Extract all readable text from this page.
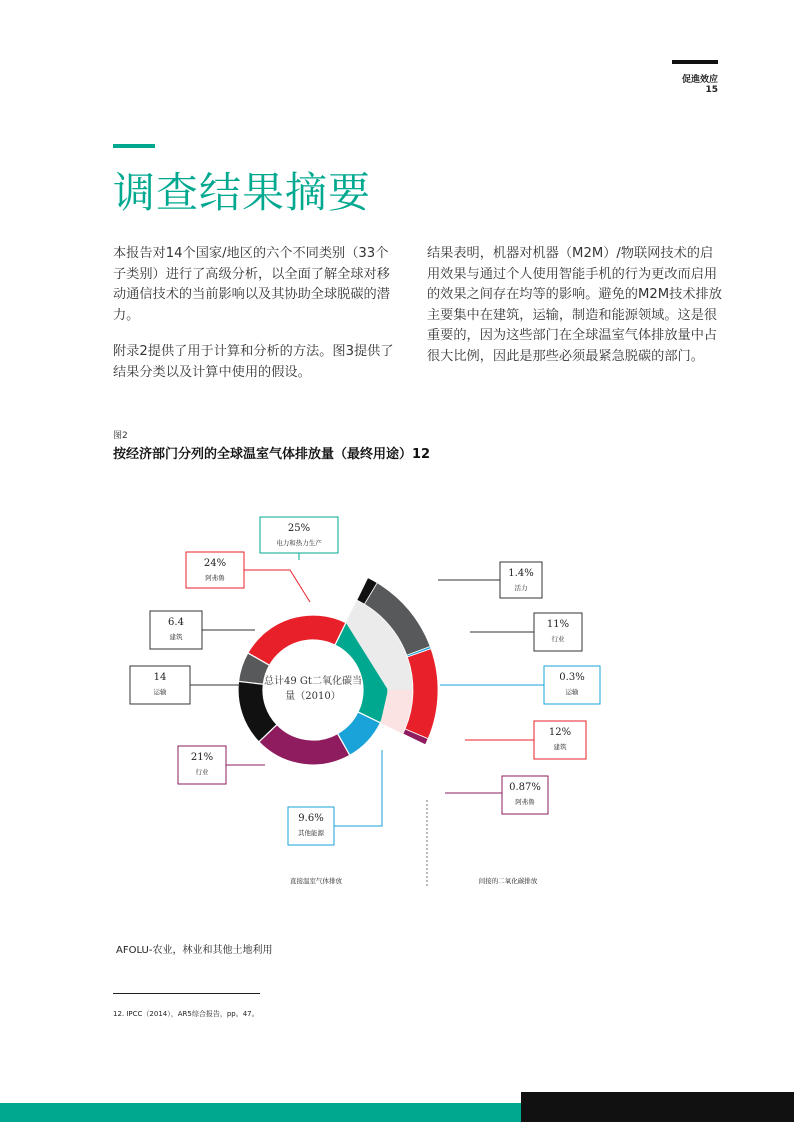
促進效应
15
调查结果摘要

本报告对14个国家/地区的六个不同类别（33个子类别）进行了高级分析，以全面了解全球对移动通信技术的当前影响以及其协助全球脱碳的潜力。

附录2提供了用于计算和分析的方法。图3提供了结果分类以及计算中使用的假设。

结果表明，机器对机器（M2M）/物联网技术的启用效果与通过个人使用智能手机的行为更改而启用的效果之间存在均等的影响。避免的M2M技术排放主要集中在建筑，运输，制造和能源领域。这是很重要的，因为这些部门在全球温室气体排放量中占很大比例，因此是那些必须最紧急脱碳的部门。

图2
按经济部门分列的全球温室气体排放量（最终用途）12
25%
电力和热力生产
24%
阿弗鲁
6.4
建筑
14
运输
21%
行业
9.6%
其他能源
1.4%
活力
11%
行业
0.3%
运输
12%
建筑
0.87%
阿弗鲁
总计49 Gt二氧化碳当
量（2010）
直接温室气体排放	间接的二氧化碳排放
AFOLU-农业，林业和其他土地利用
12. IPCC（2014），AR5综合报告，pp。47。
